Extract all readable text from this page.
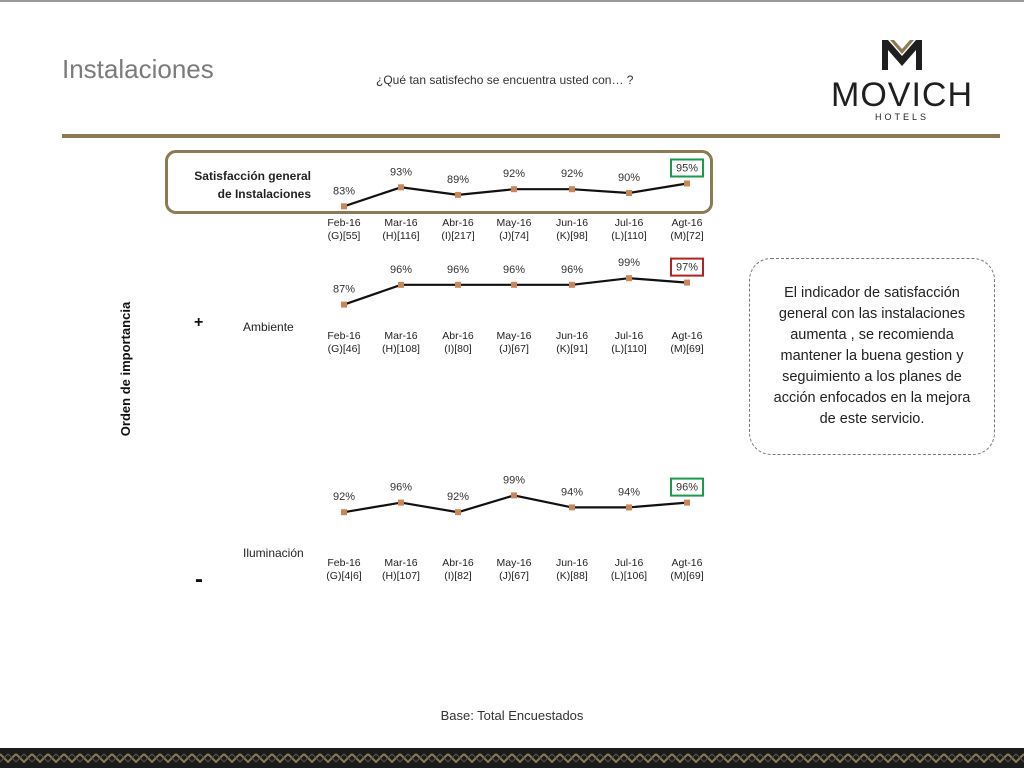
Instalaciones	¿Qué tan satisfecho se encuentra usted con… ?	MOVICH
HOTELS
Satisfacción general
de Instalaciones
+	Ambiente
Iluminación
-
Orden de importancia
83%
Feb-16
(G)[55]
93%
Mar-16
(H)[116]
89%
Abr-16
(I)[217]
92%
May-16
(J)[74]
92%
Jun-16
(K)[98]
90%
Jul-16
(L)[110]
95%
Agt-16
(M)[72]
87%
Feb-16
(G)[46]
96%
Mar-16
(H)[108]
96%
Abr-16
(I)[80]
96%
May-16
(J)[67]
96%
Jun-16
(K)[91]
99%
Jul-16
(L)[110]
97%
Agt-16
(M)[69]
92%
Feb-16
(G)[4|6]
96%
Mar-16
(H)[107]
92%
Abr-16
(I)[82]
99%
May-16
(J)[67]
94%
Jun-16
(K)[88]
94%
Jul-16
(L)[106]
96%
Agt-16
(M)[69]
El indicador de satisfacción general con las instalaciones aumenta , se recomienda mantener la buena gestion y seguimiento a los planes de acción enfocados en la mejora de este servicio.
Base: Total Encuestados
